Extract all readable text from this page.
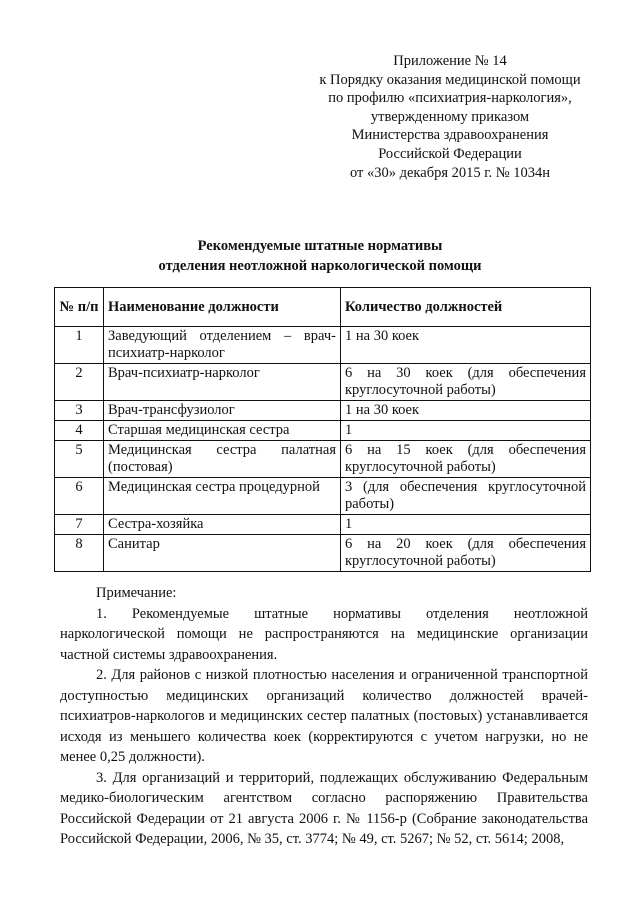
Приложение № 14
к Порядку оказания медицинской помощи
по профилю «психиатрия-наркология»,
утвержденному приказом
Министерства здравоохранения
Российской Федерации
от «30» декабря 2015 г. № 1034н
Рекомендуемые штатные нормативы
отделения неотложной наркологической помощи
№ п/п	Наименование должности	Количество должностей
1	Заведующий отделением – врач-психиатр-нарколог	1 на 30 коек
2	Врач-психиатр-нарколог	6 на 30 коек (для обеспечения круглосуточной работы)
3	Врач-трансфузиолог	1 на 30 коек
4	Старшая медицинская сестра	1
5	Медицинская сестра палатная (постовая)	6 на 15 коек (для обеспечения круглосуточной работы)
6	Медицинская сестра процедурной	3 (для обеспечения круглосуточной работы)
7	Сестра-хозяйка	1
8	Санитар	6 на 20 коек (для обеспечения круглосуточной работы)
Примечание:

1. Рекомендуемые штатные нормативы отделения неотложной наркологической помощи не распространяются на медицинские организации частной системы здравоохранения.

2. Для районов с низкой плотностью населения и ограниченной транспортной доступностью медицинских организаций количество должностей врачей-психиатров-наркологов и медицинских сестер палатных (постовых) устанавливается исходя из меньшего количества коек (корректируются с учетом нагрузки, но не менее 0,25 должности).

3. Для организаций и территорий, подлежащих обслуживанию Федеральным медико-биологическим агентством согласно распоряжению Правительства Российской Федерации от 21 августа 2006 г. № 1156-р (Собрание законодательства Российской Федерации, 2006, № 35, ст. 3774; № 49, ст. 5267; № 52, ст. 5614; 2008,
